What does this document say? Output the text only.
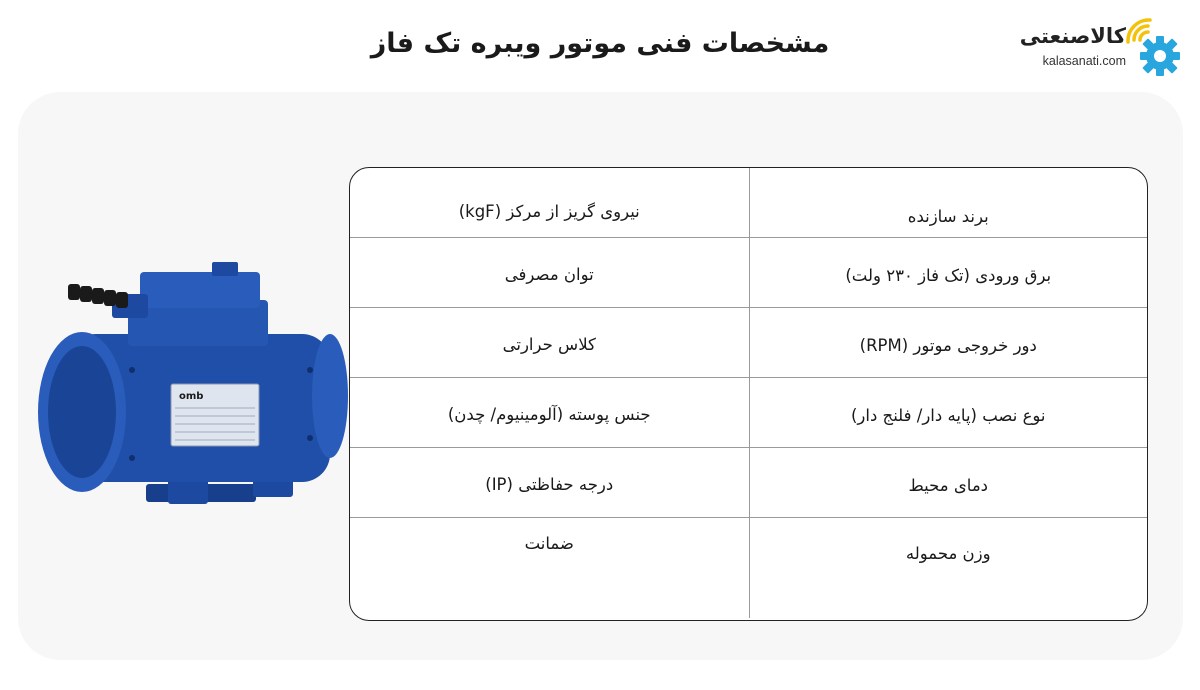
مشخصات فنی موتور ویبره تک فاز	کالاصنعتی
kalasanati.com
omb
برند سازنده
نیروی گریز از مرکز (kgF)
برق ورودی (تک فاز ۲۳۰ ولت)
توان مصرفی
دور خروجی موتور (RPM)
کلاس حرارتی
نوع نصب (پایه دار/ فلنج دار)
جنس پوسته (آلومینیوم/ چدن)
دمای محیط
درجه حفاظتی (IP)
وزن محموله
ضمانت
